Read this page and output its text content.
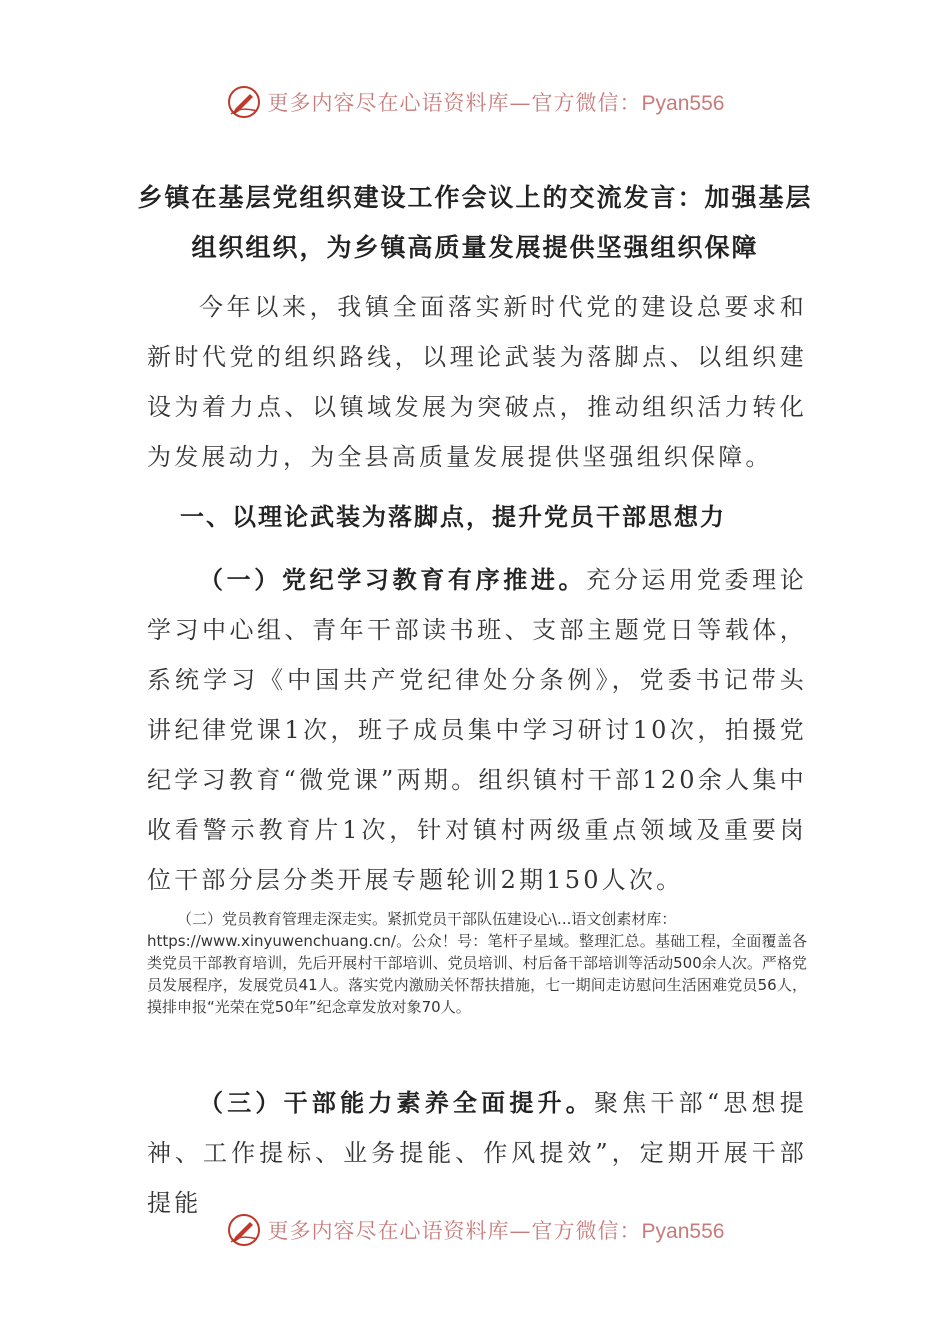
更多内容尽在心语资料库—官方微信：Pyan556
乡镇在基层党组织建设工作会议上的交流发言：加强基层组织组织，为乡镇高质量发展提供坚强组织保障
今年以来，我镇全面落实新时代党的建设总要求和新时代党的组织路线，以理论武装为落脚点、以组织建设为着力点、以镇域发展为突破点，推动组织活力转化为发展动力，为全县高质量发展提供坚强组织保障。
一、以理论武装为落脚点，提升党员干部思想力
（一）党纪学习教育有序推进。充分运用党委理论学习中心组、青年干部读书班、支部主题党日等载体，系统学习《中国共产党纪律处分条例》，党委书记带头讲纪律党课1次，班子成员集中学习研讨10次，拍摄党纪学习教育“微党课”两期。组织镇村干部120余人集中收看警示教育片1次，针对镇村两级重点领域及重要岗位干部分层分类开展专题轮训2期150人次。
（二）党员教育管理走深走实。紧抓党员干部队伍建设心\...语文创素材库：
https://www.xinyuwenchuang.cn/。公众！号：笔杆子星域。整理汇总。基础工程，全面覆盖各类党员干部教育培训，先后开展村干部培训、党员培训、村后备干部培训等活动500余人次。严格党员发展程序，发展党员41人。落实党内激励关怀帮扶措施，七一期间走访慰问生活困难党员56人，摸排申报“光荣在党50年”纪念章发放对象70人。
（三）干部能力素养全面提升。聚焦干部“思想提神、工作提标、业务提能、作风提效”，定期开展干部提能
更多内容尽在心语资料库—官方微信：Pyan556
